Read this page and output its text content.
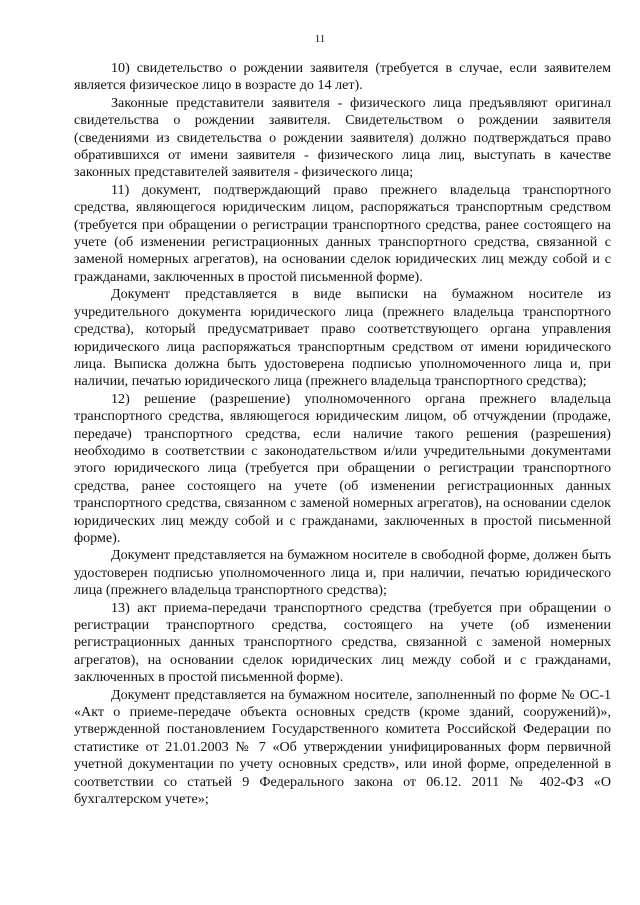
11

10) свидетельство о рождении заявителя (требуется в случае, если заявителем является физическое лицо в возрасте до 14 лет).

Законные представители заявителя - физического лица предъявляют оригинал свидетельства о рождении заявителя. Свидетельством о рождении заявителя (сведениями из свидетельства о рождении заявителя) должно подтверждаться право обратившихся от имени заявителя - физического лица лиц, выступать в качестве законных представителей заявителя - физического лица;

11) документ, подтверждающий право прежнего владельца транспортного средства, являющегося юридическим лицом, распоряжаться транспортным средством (требуется при обращении о регистрации транспортного средства, ранее состоящего на учете (об изменении регистрационных данных транспортного средства, связанной с заменой номерных агрегатов), на основании сделок юридических лиц между собой и с гражданами, заключенных в простой письменной форме).

Документ представляется в виде выписки на бумажном носителе из учредительного документа юридического лица (прежнего владельца транспортного средства), который предусматривает право соответствующего органа управления юридического лица распоряжаться транспортным средством от имени юридического лица. Выписка должна быть удостоверена подписью уполномоченного лица и, при наличии, печатью юридического лица (прежнего владельца транспортного средства);

12) решение (разрешение) уполномоченного органа прежнего владельца транспортного средства, являющегося юридическим лицом, об отчуждении (продаже, передаче) транспортного средства, если наличие такого решения (разрешения) необходимо в соответствии с законодательством и/или учредительными документами этого юридического лица (требуется при обращении о регистрации транспортного средства, ранее состоящего на учете (об изменении регистрационных данных транспортного средства, связанном с заменой номерных агрегатов), на основании сделок юридических лиц между собой и с гражданами, заключенных в простой письменной форме).

Документ представляется на бумажном носителе в свободной форме, должен быть удостоверен подписью уполномоченного лица и, при наличии, печатью юридического лица (прежнего владельца транспортного средства);

13) акт приема-передачи транспортного средства (требуется при обращении о регистрации транспортного средства, состоящего на учете (об изменении регистрационных данных транспортного средства, связанной с заменой номерных агрегатов), на основании сделок юридических лиц между собой и с гражданами, заключенных в простой письменной форме).

Документ представляется на бумажном носителе, заполненный по форме № ОС-1 «Акт о приеме-передаче объекта основных средств (кроме зданий, сооружений)», утвержденной постановлением Государственного комитета Российской Федерации по статистике от 21.01.2003 № 7 «Об утверждении унифицированных форм первичной учетной документации по учету основных средств», или иной форме, определенной в соответствии со статьей 9 Федерального закона от 06.12. 2011 № 402-ФЗ «О бухгалтерском учете»;
